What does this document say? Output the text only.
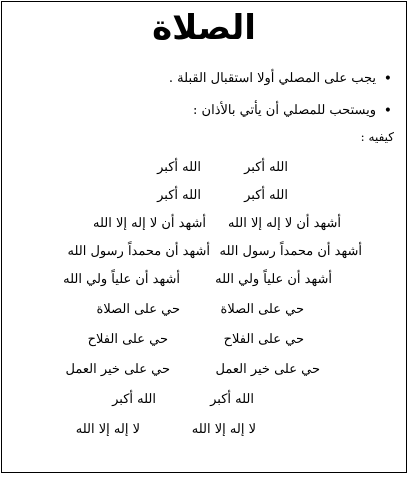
الصلاة
• يجب على المصلي أولا استقبال القبلة .
• ويستحب للمصلي أن يأتي بالأذان :
كيفيه :
الله أكبر
الله أكبر
الله أكبر
الله أكبر
أشهد أن لا إله إلا الله
أشهد أن لا إله إلا الله
أشهد أن محمداً رسول الله
أشهد أن محمداً رسول الله
أشهد أن علياً ولي الله
أشهد أن علياً ولي الله
حي على الصلاة
حي على الصلاة
حي على الفلاح
حي على الفلاح
حي على خير العمل
حي على خير العمل
الله أكبر
الله أكبر
لا إله إلا الله
لا إله إلا الله
